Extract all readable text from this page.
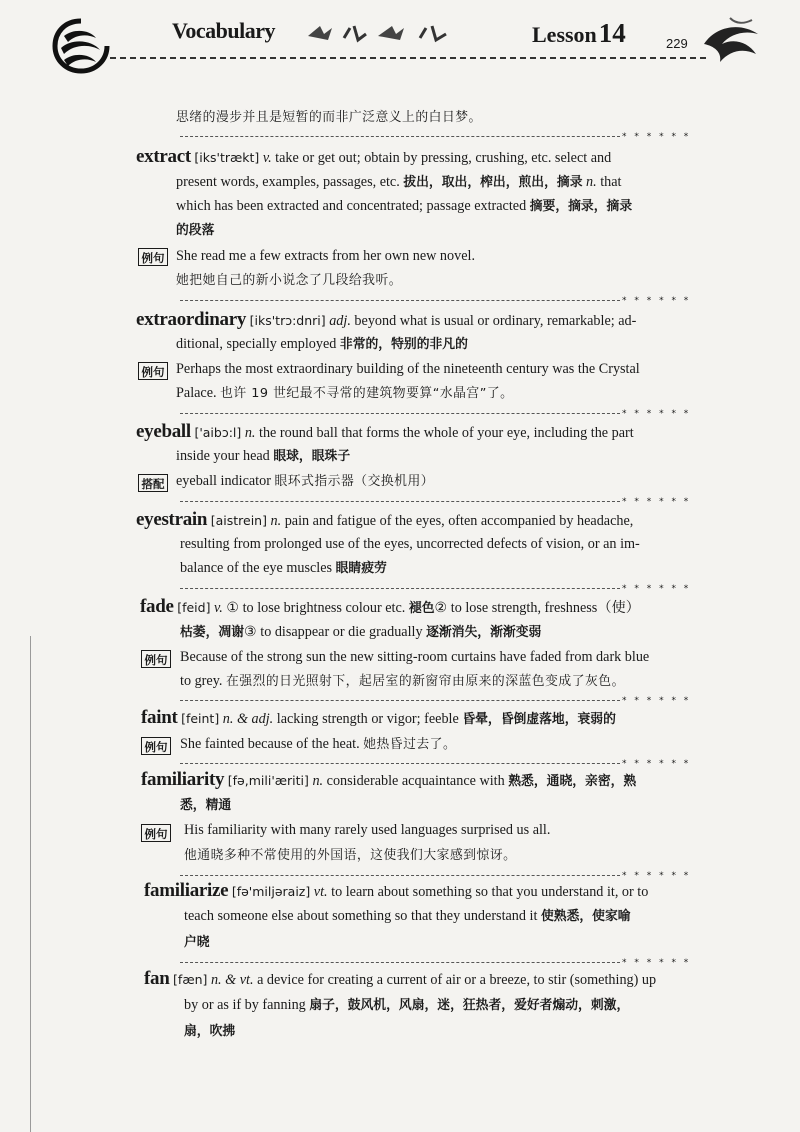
Vocabulary	Lesson14	229
思绪的漫步并且是短暂的而非广泛意义上的白日梦。
* * * * * *
extract [iks'trækt] v. take or get out; obtain by pressing, crushing, etc. select and
present words, examples, passages, etc. 拔出，取出，榨出，煎出，摘录 n. that
which has been extracted and concentrated; passage extracted 摘要，摘录，摘录
的段落
例句 She read me a few extracts from her own new novel.
她把她自己的新小说念了几段给我听。
* * * * * *
extraordinary [iks'trɔ:dnri] adj. beyond what is usual or ordinary, remarkable; ad-
ditional, specially employed 非常的，特别的非凡的
例句 Perhaps the most extraordinary building of the nineteenth century was the Crystal
Palace. 也许 19 世纪最不寻常的建筑物要算“水晶宫”了。
* * * * * *
eyeball ['aibɔ:l] n. the round ball that forms the whole of your eye, including the part
inside your head 眼球，眼珠子
搭配 eyeball indicator 眼环式指示器（交换机用）
* * * * * *
eyestrain [aistrein] n. pain and fatigue of the eyes, often accompanied by headache,
resulting from prolonged use of the eyes, uncorrected defects of vision, or an im-
balance of the eye muscles 眼睛疲劳
* * * * * *
fade [feid] v. ① to lose brightness colour etc. 褪色② to lose strength, freshness（使）
枯萎，凋谢③ to disappear or die gradually 逐渐消失，渐渐变弱
例句 Because of the strong sun the new sitting-room curtains have faded from dark blue
to grey. 在强烈的日光照射下，起居室的新窗帘由原来的深蓝色变成了灰色。
* * * * * *
faint [feint] n. & adj. lacking strength or vigor; feeble 昏晕，昏倒虚落地，衰弱的
例句 She fainted because of the heat. 她热昏过去了。
* * * * * *
familiarity [fə,mili'æriti] n. considerable acquaintance with 熟悉，通晓，亲密，熟
悉，精通
例句 His familiarity with many rarely used languages surprised us all.
他通晓多种不常使用的外国语，这使我们大家感到惊讶。
* * * * * *
familiarize [fə'miljəraiz] vt. to learn about something so that you understand it, or to
teach someone else about something so that they understand it 使熟悉，使家喻
户晓
* * * * * *
fan [fæn] n. & vt. a device for creating a current of air or a breeze, to stir (something) up
by or as if by fanning 扇子，鼓风机，风扇，迷，狂热者，爱好者煽动，刺激，
扇，吹拂
